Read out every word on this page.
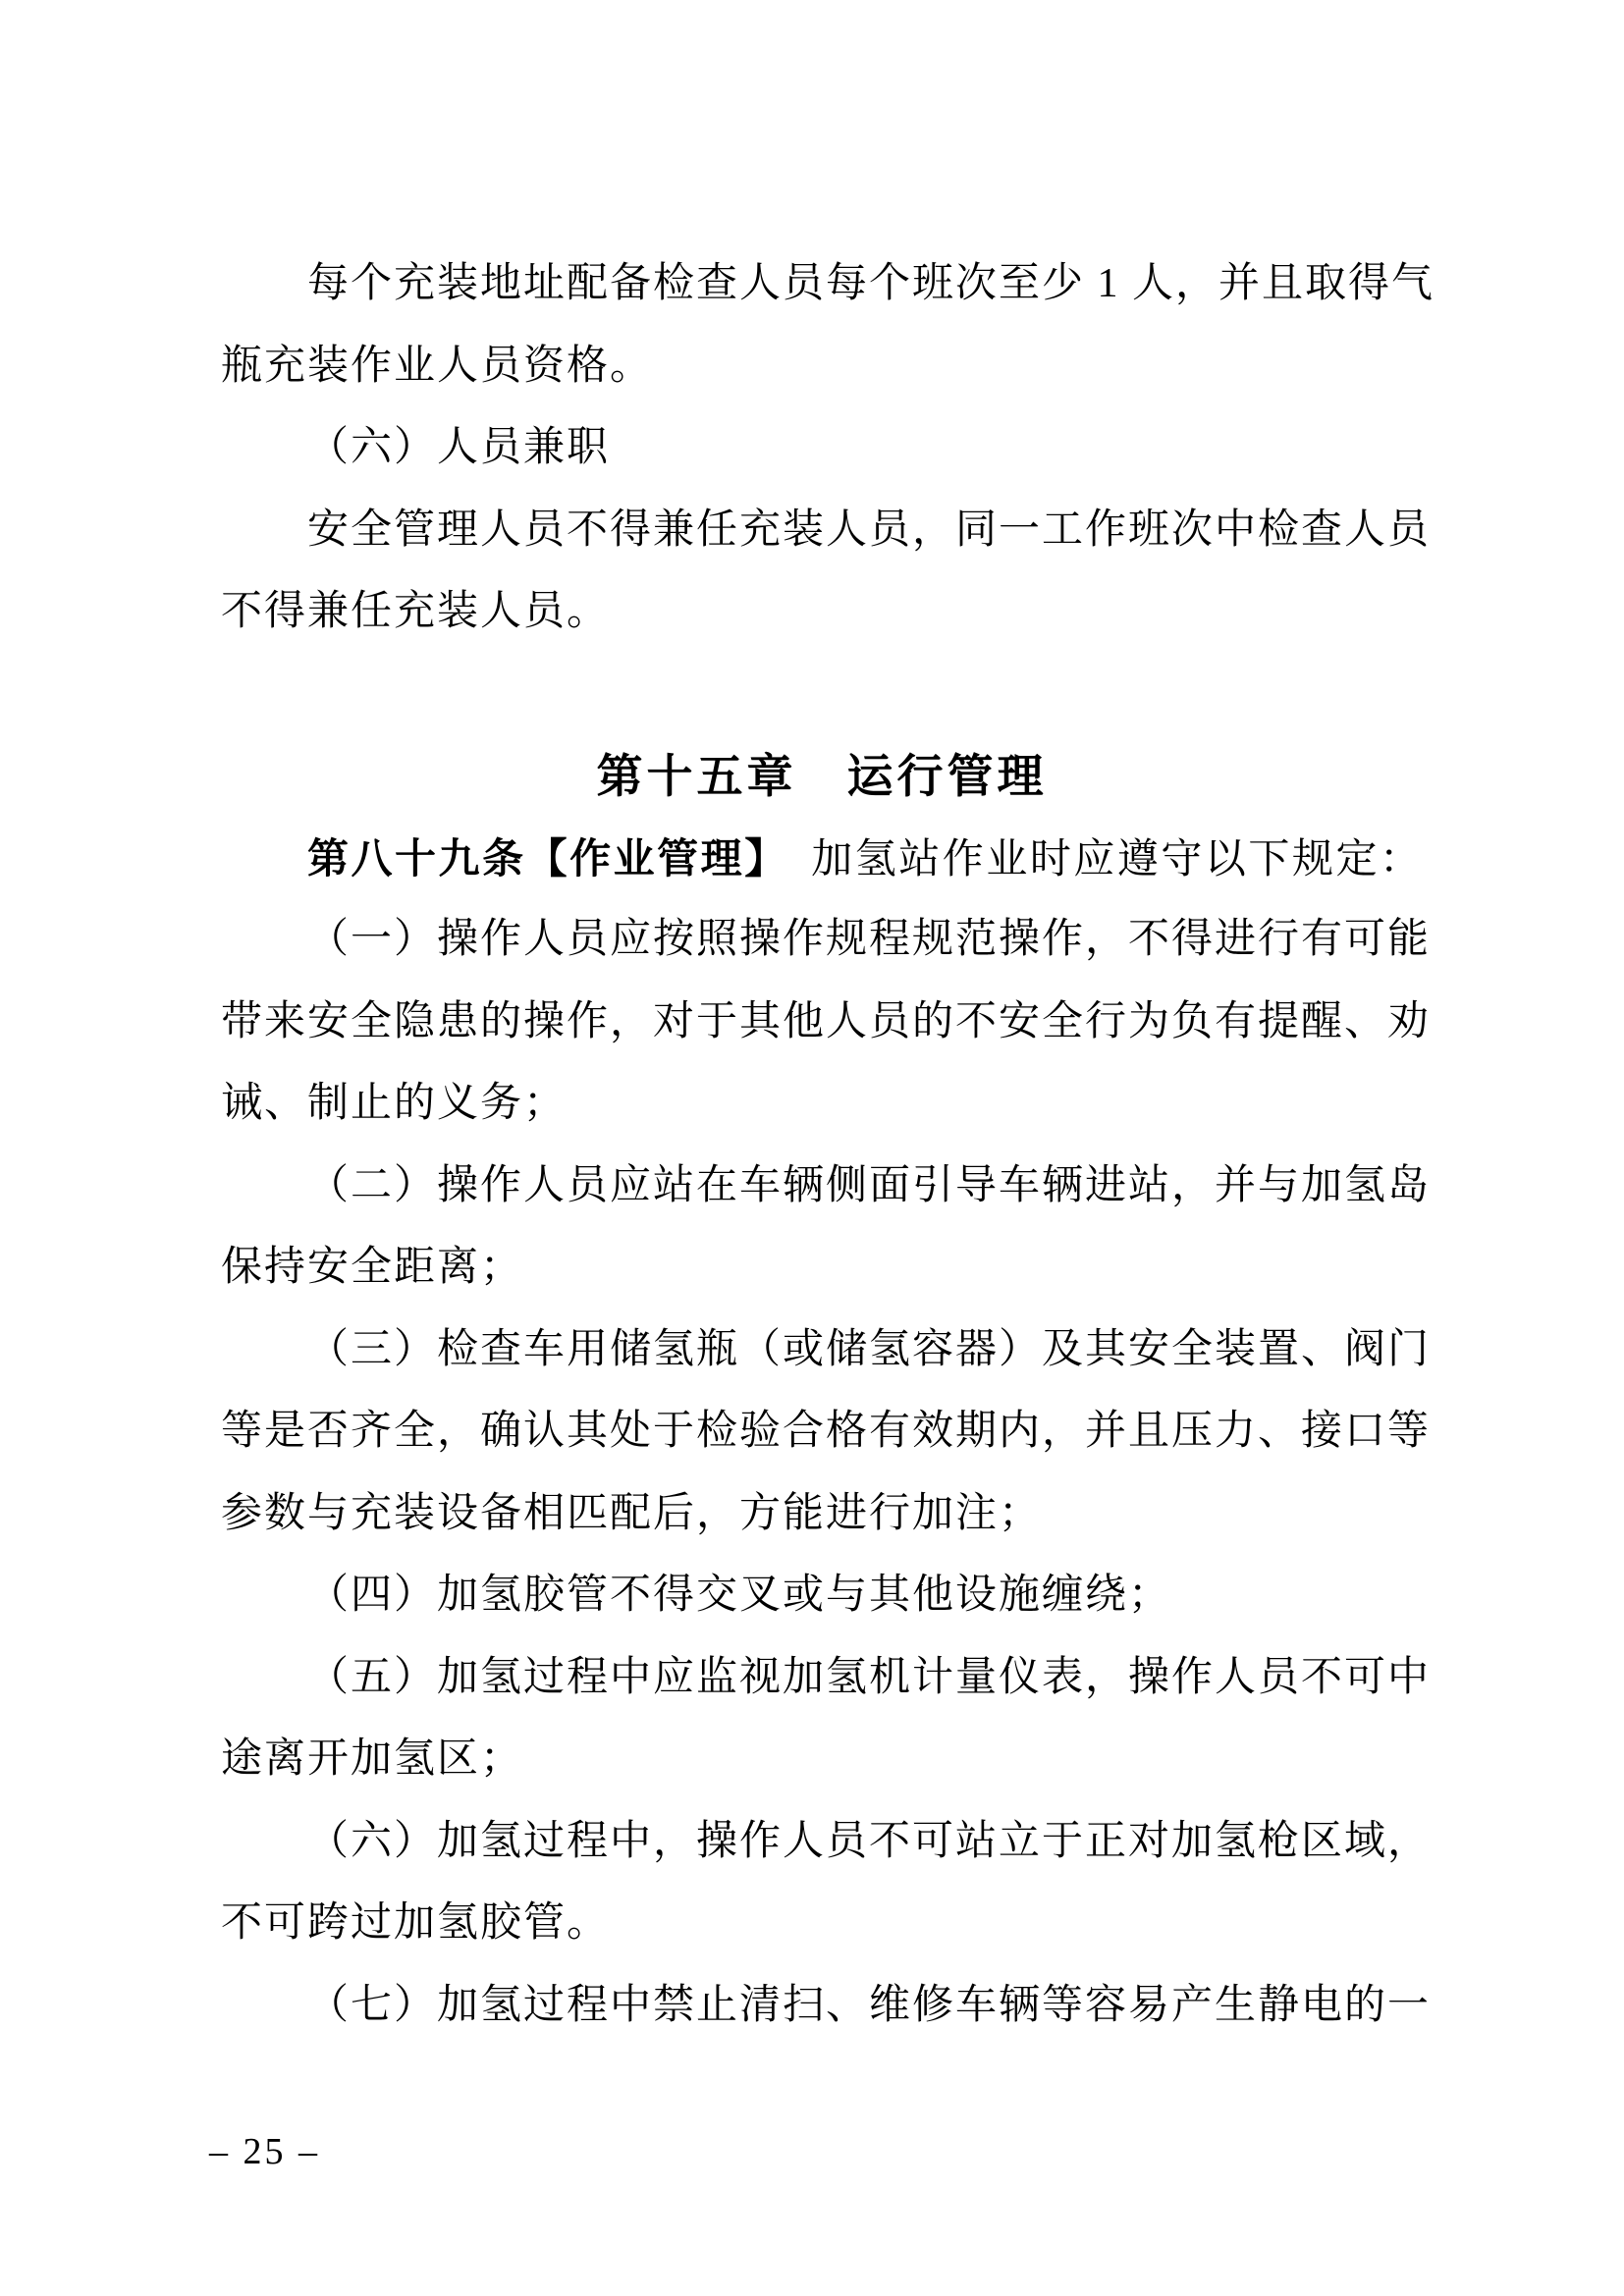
每个充装地址配备检查人员每个班次至少 1 人，并且取得气
瓶充装作业人员资格。
（六）人员兼职
安全管理人员不得兼任充装人员，同一工作班次中检查人员
不得兼任充装人员。
第十五章　运行管理
第八十九条【作业管理】　加氢站作业时应遵守以下规定：
（一）操作人员应按照操作规程规范操作，不得进行有可能
带来安全隐患的操作，对于其他人员的不安全行为负有提醒、劝
诫、制止的义务；
（二）操作人员应站在车辆侧面引导车辆进站，并与加氢岛
保持安全距离；
（三）检查车用储氢瓶（或储氢容器）及其安全装置、阀门
等是否齐全，确认其处于检验合格有效期内，并且压力、接口等
参数与充装设备相匹配后，方能进行加注；
（四）加氢胶管不得交叉或与其他设施缠绕；
（五）加氢过程中应监视加氢机计量仪表，操作人员不可中
途离开加氢区；
（六）加氢过程中，操作人员不可站立于正对加氢枪区域，
不可跨过加氢胶管。
（七）加氢过程中禁止清扫、维修车辆等容易产生静电的一
– 25 –
